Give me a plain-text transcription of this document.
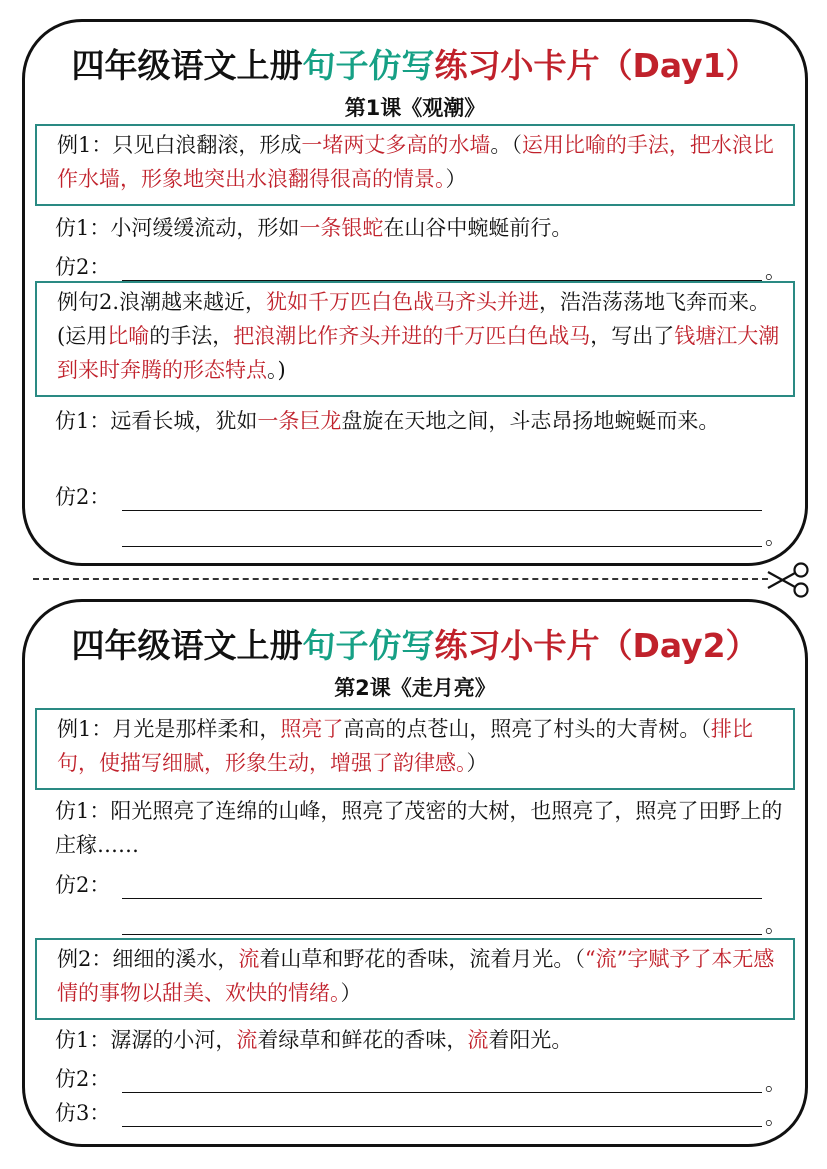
四年级语文上册句子仿写练习小卡片（Day1）
第1课《观潮》
例1：只见白浪翻滚，形成一堵两丈多高的水墙。（运用比喻的手法，把水浪比作水墙，形象地突出水浪翻得很高的情景。）
仿1：小河缓缓流动，形如一条银蛇在山谷中蜿蜒前行。
仿2：	。
例句2.浪潮越来越近，犹如千万匹白色战马齐头并进，浩浩荡荡地飞奔而来。(运用比喻的手法，把浪潮比作齐头并进的千万匹白色战马，写出了钱塘江大潮到来时奔腾的形态特点。)
仿1：远看长城，犹如一条巨龙盘旋在天地之间，斗志昂扬地蜿蜒而来。
仿2：
。
四年级语文上册句子仿写练习小卡片（Day2）
第2课《走月亮》
例1：月光是那样柔和，照亮了高高的点苍山，照亮了村头的大青树。（排比句，使描写细腻，形象生动，增强了韵律感。）
仿1：阳光照亮了连绵的山峰，照亮了茂密的大树，也照亮了，照亮了田野上的庄稼……
仿2：
。
例2：细细的溪水，流着山草和野花的香味，流着月光。（“流”字赋予了本无感情的事物以甜美、欢快的情绪。）
仿1：潺潺的小河，流着绿草和鲜花的香味，流着阳光。
仿2：	。
仿3：	。
